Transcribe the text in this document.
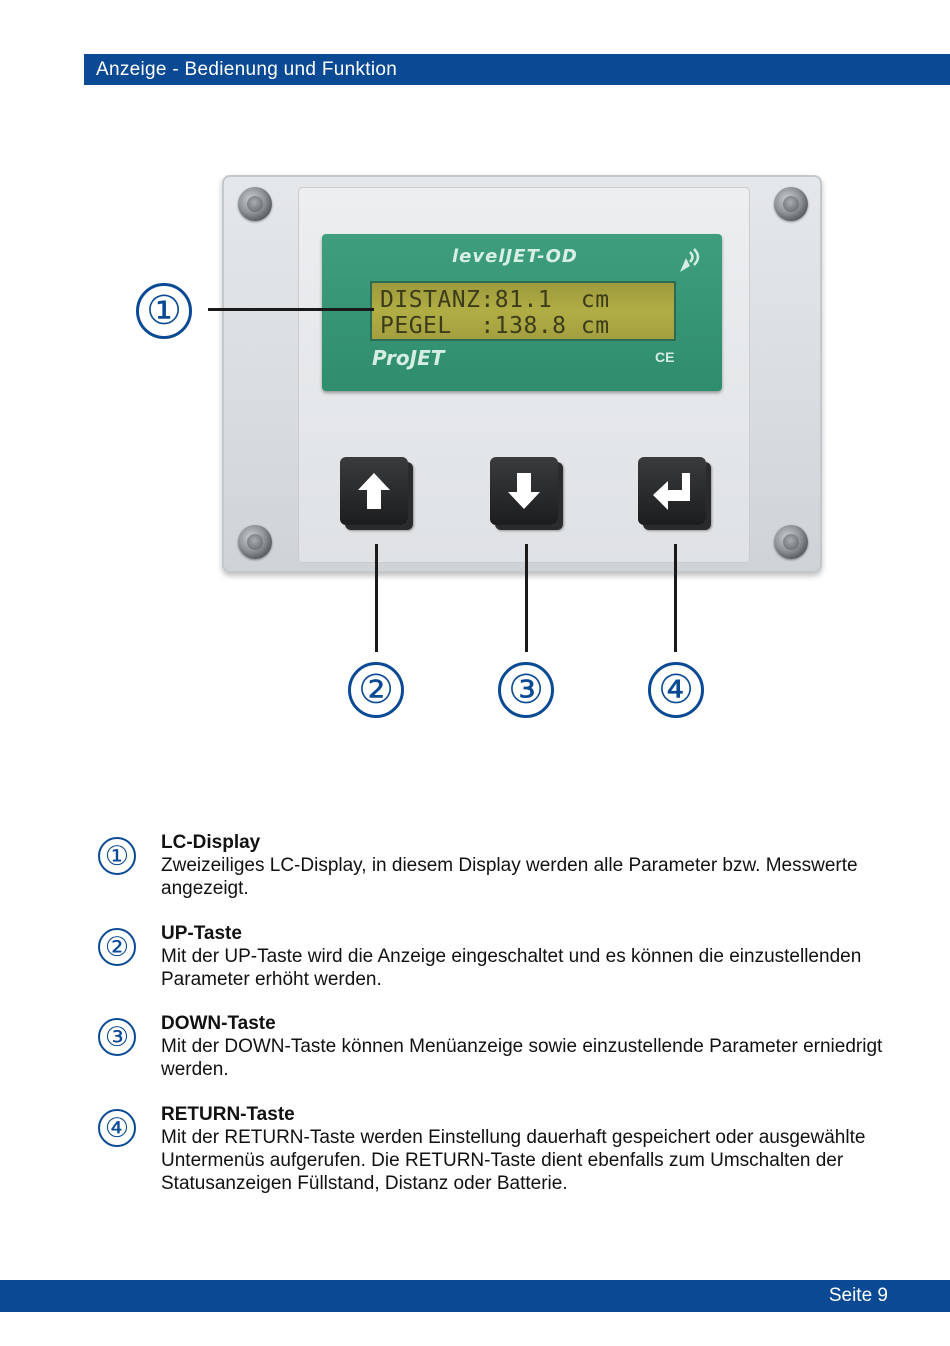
Anzeige - Bedienung und Funktion
levelJET-OD
DISTANZ:81.1  cm
PEGEL  :138.8 cm
ProJET	CE
①
②	③	④
①	LC-Display
Zweizeiliges LC-Display, in diesem Display werden alle Parameter bzw. Messwerte angezeigt.
②	UP-Taste
Mit der UP-Taste wird die Anzeige eingeschaltet und es können die einzustellenden Parameter erhöht werden.
③	DOWN-Taste
Mit der DOWN-Taste können Menüanzeige sowie einzustellende Parameter erniedrigt werden.
④	RETURN-Taste
Mit der RETURN-Taste werden Einstellung dauerhaft gespeichert oder ausgewählte Untermenüs aufgerufen. Die RETURN-Taste dient ebenfalls zum Umschalten der Statusanzeigen Füllstand, Distanz oder Batterie.
Seite 9
